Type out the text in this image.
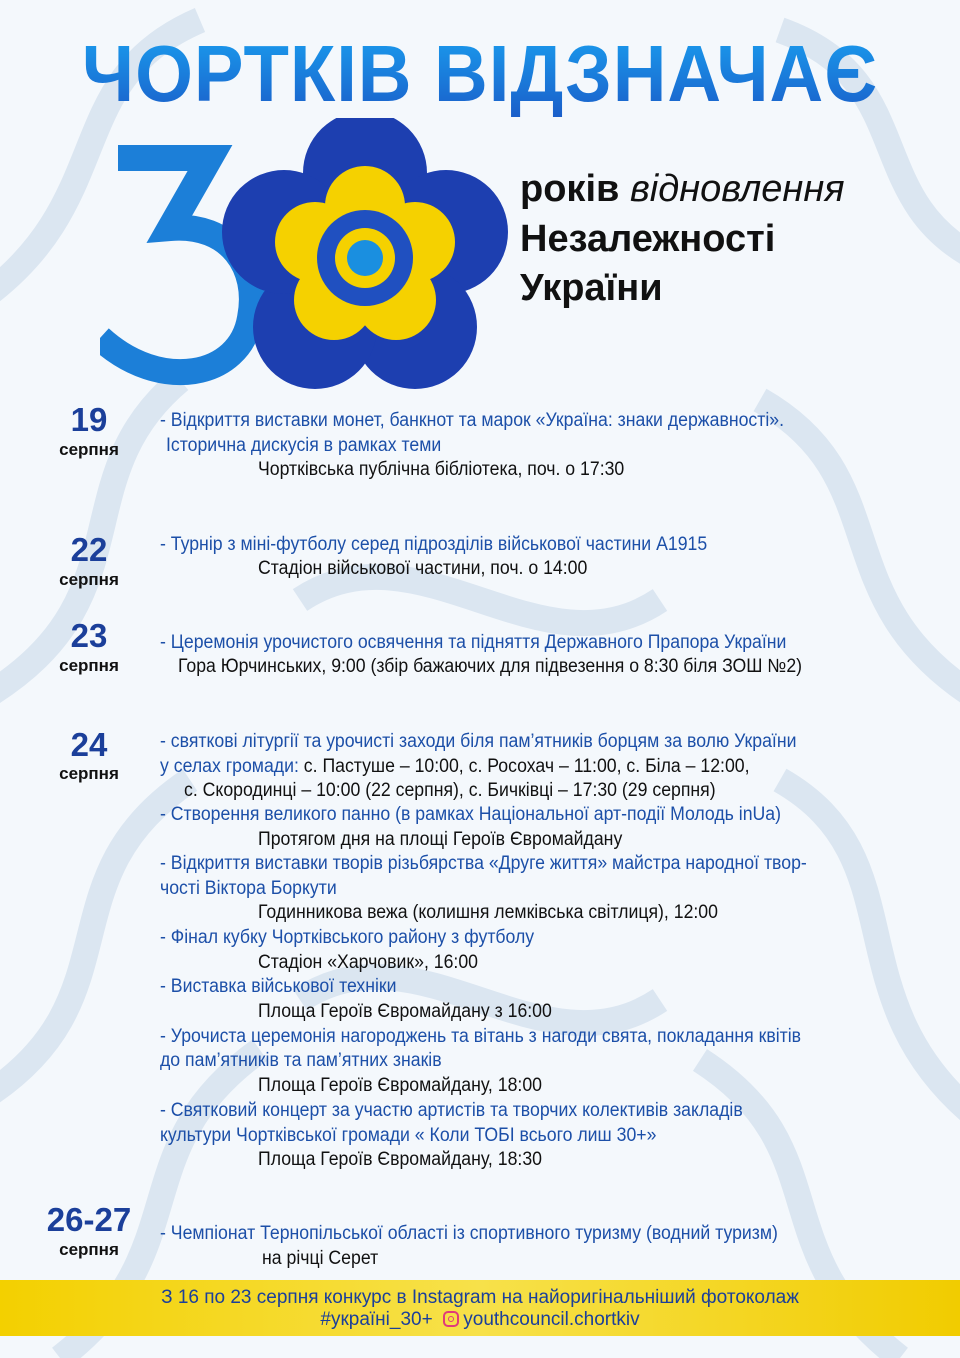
ЧОРТКІВ ВІДЗНАЧАЄ
років відновлення
Незалежності
України
19
серпня
- Відкриття виставки монет, банкнот та марок «Україна: знаки державності».
Історична дискусія в рамках теми
Чортківська публічна бібліотека, поч. о 17:30
22
серпня
- Турнір з міні-футболу серед підрозділів військової частини А1915
Стадіон військової частини, поч. о 14:00
23
серпня
- Церемонія урочистого освячення та підняття Державного Прапора України
Гора Юрчинських, 9:00 (збір бажаючих для підвезення о 8:30 біля ЗОШ №2)
24
серпня
- святкові літургії та урочисті заходи біля пам’ятників борцям за волю України
у селах громади: с. Пастуше – 10:00, с. Росохач – 11:00, с. Біла – 12:00,
с. Скородинці – 10:00 (22 серпня), с. Бичківці – 17:30 (29 серпня)
- Створення великого панно (в рамках Національної арт-події Молодь inUa)
Протягом дня на площі Героїв Євромайдану
- Відкриття виставки творів різьбярства «Друге життя» майстра народної твор-
чості Віктора Боркути
Годинникова вежа (колишня лемківська світлиця), 12:00
- Фінал кубку Чортківського району з футболу
Стадіон «Харчовик», 16:00
- Виставка військової техніки
Площа Героїв Євромайдану з 16:00
- Урочиста церемонія нагороджень та вітань з нагоди свята, покладання квітів
до пам’ятників та пам’ятних знаків
Площа Героїв Євромайдану, 18:00
- Святковий концерт за участю артистів та творчих колективів закладів
культури Чортківської громади « Коли ТОБІ всього лиш 30+»
Площа Героїв Євромайдану, 18:30
26-27
серпня
- Чемпіонат Тернопільської області із спортивного туризму (водний туризм)
на річці Серет
З 16 по 23 серпня конкурс в Instagram на найоригінальніший фотоколаж
#україні_30+ youthcouncil.chortkiv
